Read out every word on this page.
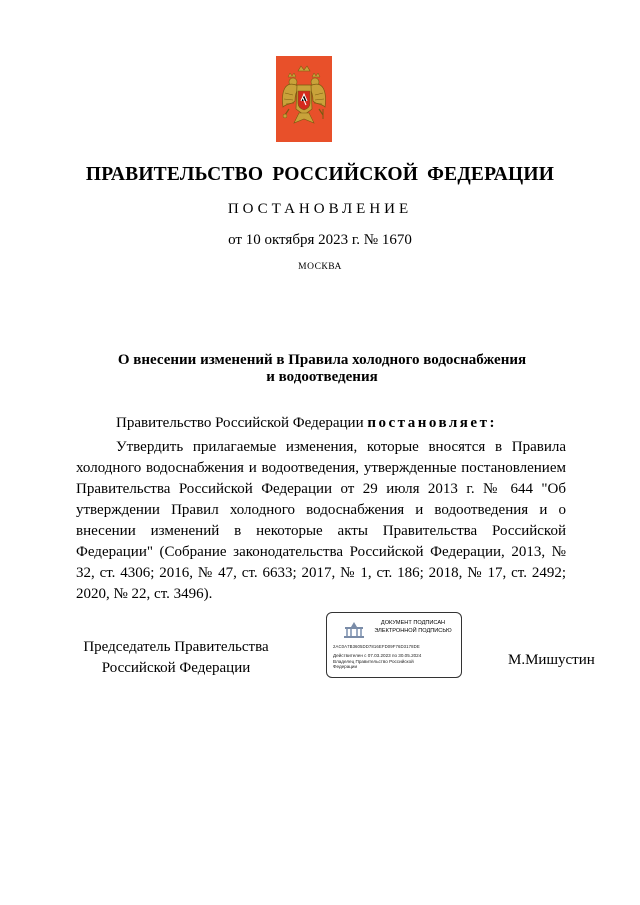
ПРАВИТЕЛЬСТВО РОССИЙСКОЙ ФЕДЕРАЦИИ
ПОСТАНОВЛЕНИЕ
от 10 октября 2023 г. № 1670
МОСКВА
О внесении изменений в Правила холодного водоснабжения
и водоотведения
Правительство Российской Федерации постановляет:
Утвердить прилагаемые изменения, которые вносятся в Правила холодного водоснабжения и водоотведения, утвержденные постановлением Правительства Российской Федерации от 29 июля 2013 г. № 644 "Об утверждении Правил холодного водоснабжения и водоотведения и о внесении изменений в некоторые акты Правительства Российской Федерации" (Собрание законодательства Российской Федерации, 2013, № 32, ст. 4306; 2016, № 47, ст. 6633; 2017, № 1, ст. 186; 2018, № 17, ст. 2492; 2020, № 22, ст. 3496).
Председатель Правительства
Российской Федерации
ДОКУМЕНТ ПОДПИСАН
ЭЛЕКТРОННОЙ ПОДПИСЬЮ
2AC0A7B3605DD7816EFD09F76D3178DE
Действителен с 07.03.2023 по 30.05.2024
Владелец Правительство Российской
Федерации	М.Мишустин
